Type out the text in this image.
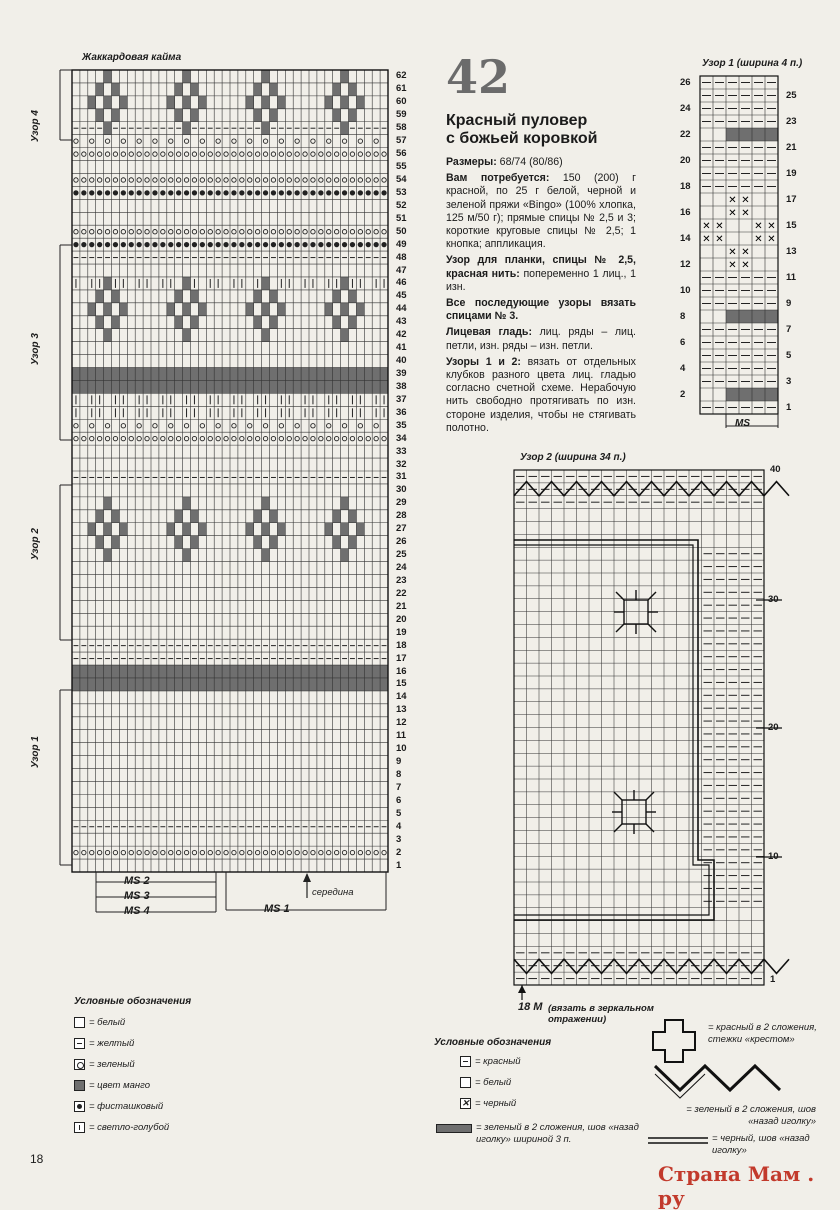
Жаккардовая кайма
62
61
60
59
58
57
56
55
54
53
52
51
50
49
48
47
46
45
44
43
42
41
40
39
38
37
36
35
34
33
32
31
30
29
28
27
26
25
24
23
22
21
20
19
18
17
16
15
14
13
12
11
10
9
8
7
6
5
4
3
2
1
Узор 4
Узор 3
Узор 2
Узор 1
MS 2
MS 3
MS 4	MS 1
середина
42
Красный пуловер
с божьей коровкой

Размеры: 68/74 (80/86)

Вам потребуется: 150 (200) г красной, по 25 г белой, черной и зеленой пряжи «Bingo» (100% хлопка, 125 м/50 г); прямые спицы № 2,5 и 3; короткие круговые спицы № 2,5; 1 кнопка; аппликация.

Узор для планки, спицы № 2,5, красная нить: попеременно 1 лиц., 1 изн.

Все последующие узоры вязать спицами № 3.

Лицевая гладь: лиц. ряды – лиц. петли, изн. ряды – изн. петли.

Узоры 1 и 2: вязать от отдельных клубков разного цвета лиц. гладью согласно счетной схеме. Нерабочую нить свободно протягивать по изн. стороне изделия, чтобы не стягивать полотно.

Узор 1 (ширина 4 п.)
✕ ✕
✕ ✕
✕ ✕	✕ ✕
✕ ✕	✕ ✕
✕ ✕
✕ ✕
26
24
22
20
18
16
14
12
10
8
6
4
2
25
23
21
19
17
15
13
11
9
7
5
3
1
MS
Узор 2 (ширина 34 п.)
40
30
20
10
1
18 М (вязать в зеркальном отражении)
Условные обозначения
= белый
= желтый
= зеленый
= цвет манго
= фисташковый
= светло-голубой
Условные обозначения
= красный
= белый
✕ = черный
= зеленый в 2 сложения, шов «назад иголку» шириной 3 п.
= красный в 2 сложения, стежки «крестом»
= зеленый в 2 сложения, шов «назад иголку»
= черный, шов «назад иголку»
18
Страна Мам . ру
